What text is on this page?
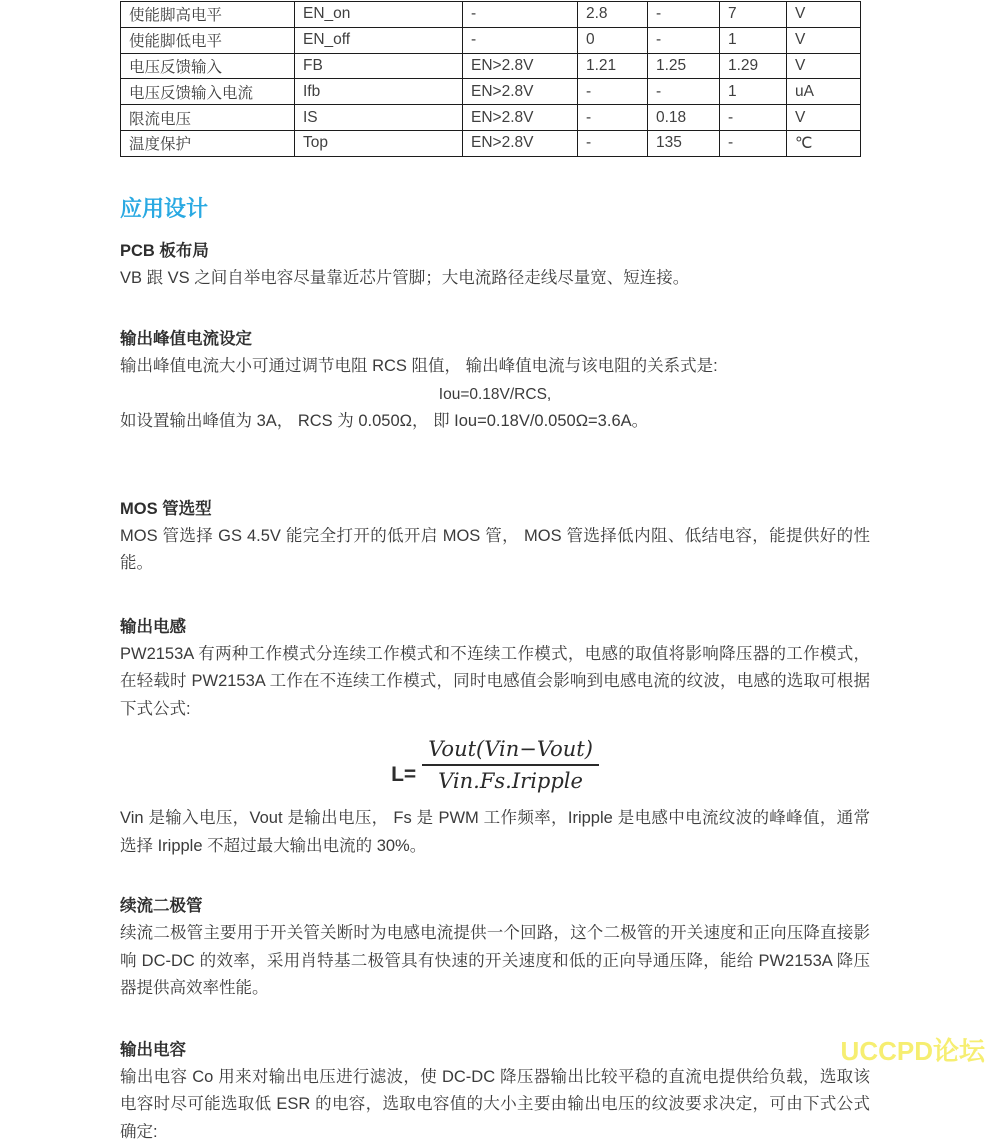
使能脚高电平	EN_on	-	2.8	-	7	V
使能脚低电平	EN_off	-	0	-	1	V
电压反馈输入	FB	EN>2.8V	1.21	1.25	1.29	V
电压反馈输入电流	Ifb	EN>2.8V	-	-	1	uA
限流电压	IS	EN>2.8V	-	0.18	-	V
温度保护	Top	EN>2.8V	-	135	-	℃
应用设计
PCB 板布局

VB 跟 VS 之间自举电容尽量靠近芯片管脚；大电流路径走线尽量宽、短连接。

输出峰值电流设定

输出峰值电流大小可通过调节电阻 RCS 阻值， 输出峰值电流与该电阻的关系式是:

Iou=0.18V/RCS,

如设置输出峰值为 3A， RCS 为 0.050Ω， 即 Iou=0.18V/0.050Ω=3.6A。

MOS 管选型

MOS 管选择 GS 4.5V 能完全打开的低开启 MOS 管， MOS 管选择低内阻、低结电容，能提供好的性能。

输出电感

PW2153A 有两种工作模式分连续工作模式和不连续工作模式，电感的取值将影响降压器的工作模式，在轻载时 PW2153A 工作在不连续工作模式，同时电感值会影响到电感电流的纹波，电感的选取可根据下式公式:

$L= \frac{\text{Vout(Vin−Vout)}}{\text{Vin.Fs.Iripple}}$

Vin 是输入电压，Vout 是输出电压， Fs 是 PWM 工作频率，Iripple 是电感中电流纹波的峰峰值，通常选择 Iripple 不超过最大输出电流的 30%。

续流二极管

续流二极管主要用于开关管关断时为电感电流提供一个回路，这个二极管的开关速度和正向压降直接影响 DC-DC 的效率，采用肖特基二极管具有快速的开关速度和低的正向导通压降，能给 PW2153A 降压器提供高效率性能。

输出电容

输出电容 Co 用来对输出电压进行滤波，使 DC-DC 降压器输出比较平稳的直流电提供给负载，选取该电容时尽可能选取低 ESR 的电容，选取电容值的大小主要由输出电压的纹波要求决定，可由下式公式确定:

UCCPD论坛
